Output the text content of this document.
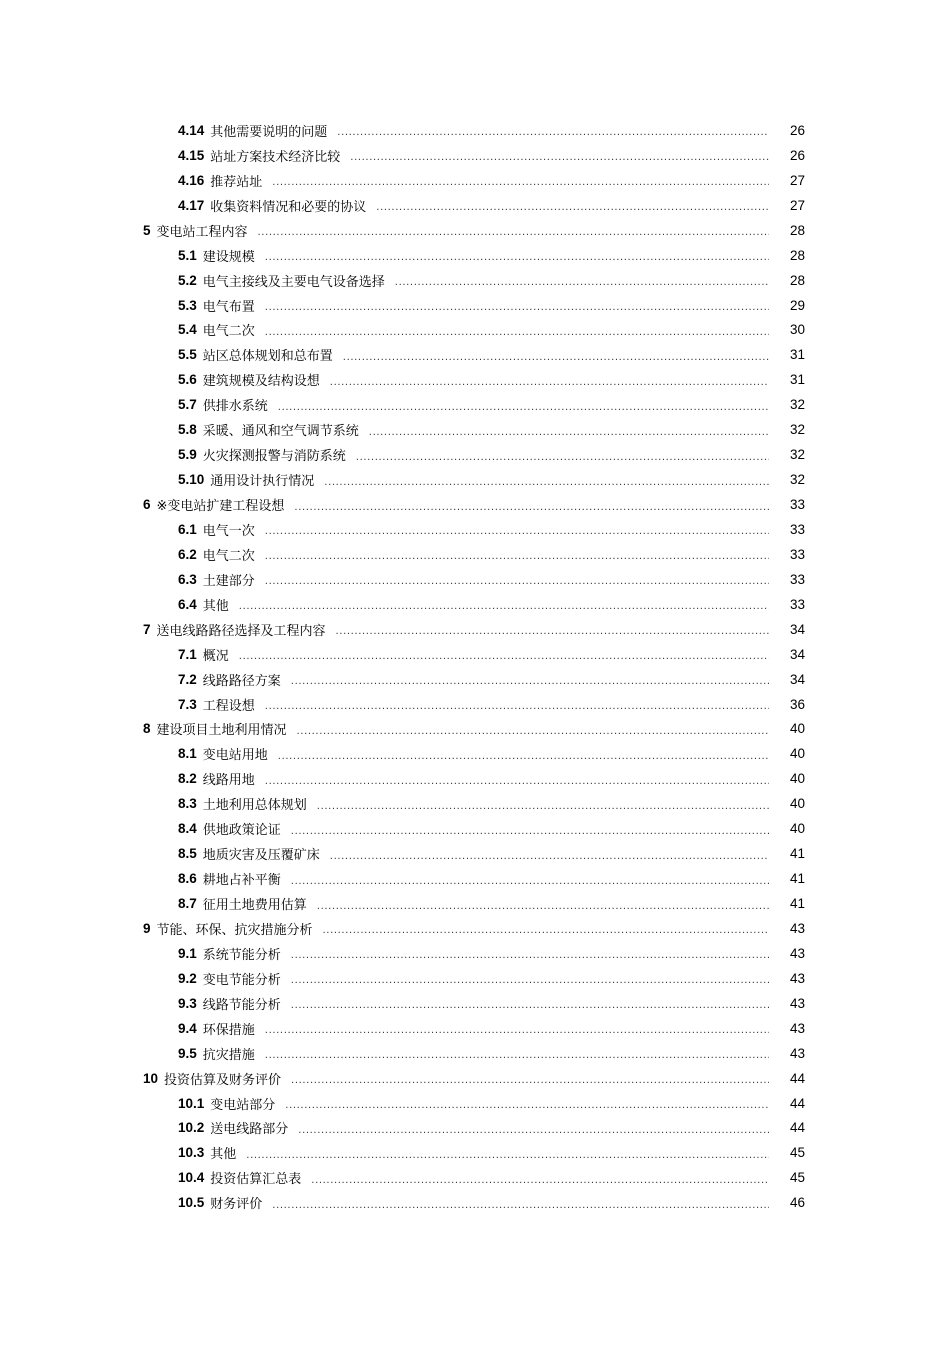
4.14 其他需要说明的问题 .....	26
4.15 站址方案技术经济比较 .....	26
4.16 推荐站址 .....	27
4.17 收集资料情况和必要的协议 .....	27
5 变电站工程内容 .....	28
5.1 建设规模 .....	28
5.2 电气主接线及主要电气设备选择 .....	28
5.3 电气布置 .....	29
5.4 电气二次 .....	30
5.5 站区总体规划和总布置 .....	31
5.6 建筑规模及结构设想 .....	31
5.7 供排水系统 .....	32
5.8 采暖、通风和空气调节系统 .....	32
5.9 火灾探测报警与消防系统 .....	32
5.10 通用设计执行情况 .....	32
6 ※变电站扩建工程设想 .....	33
6.1 电气一次 .....	33
6.2 电气二次 .....	33
6.3 土建部分 .....	33
6.4 其他 .....	33
7 送电线路路径选择及工程内容 .....	34
7.1 概况 .....	34
7.2 线路路径方案 .....	34
7.3 工程设想 .....	36
8 建设项目土地利用情况 .....	40
8.1 变电站用地 .....	40
8.2 线路用地 .....	40
8.3 土地利用总体规划 .....	40
8.4 供地政策论证 .....	40
8.5 地质灾害及压覆矿床 .....	41
8.6 耕地占补平衡 .....	41
8.7 征用土地费用估算 .....	41
9 节能、环保、抗灾措施分析 .....	43
9.1 系统节能分析 .....	43
9.2 变电节能分析 .....	43
9.3 线路节能分析 .....	43
9.4 环保措施 .....	43
9.5 抗灾措施 .....	43
10 投资估算及财务评价 .....	44
10.1 变电站部分 .....	44
10.2 送电线路部分 .....	44
10.3 其他 .....	45
10.4 投资估算汇总表 .....	45
10.5 财务评价 .....	46
